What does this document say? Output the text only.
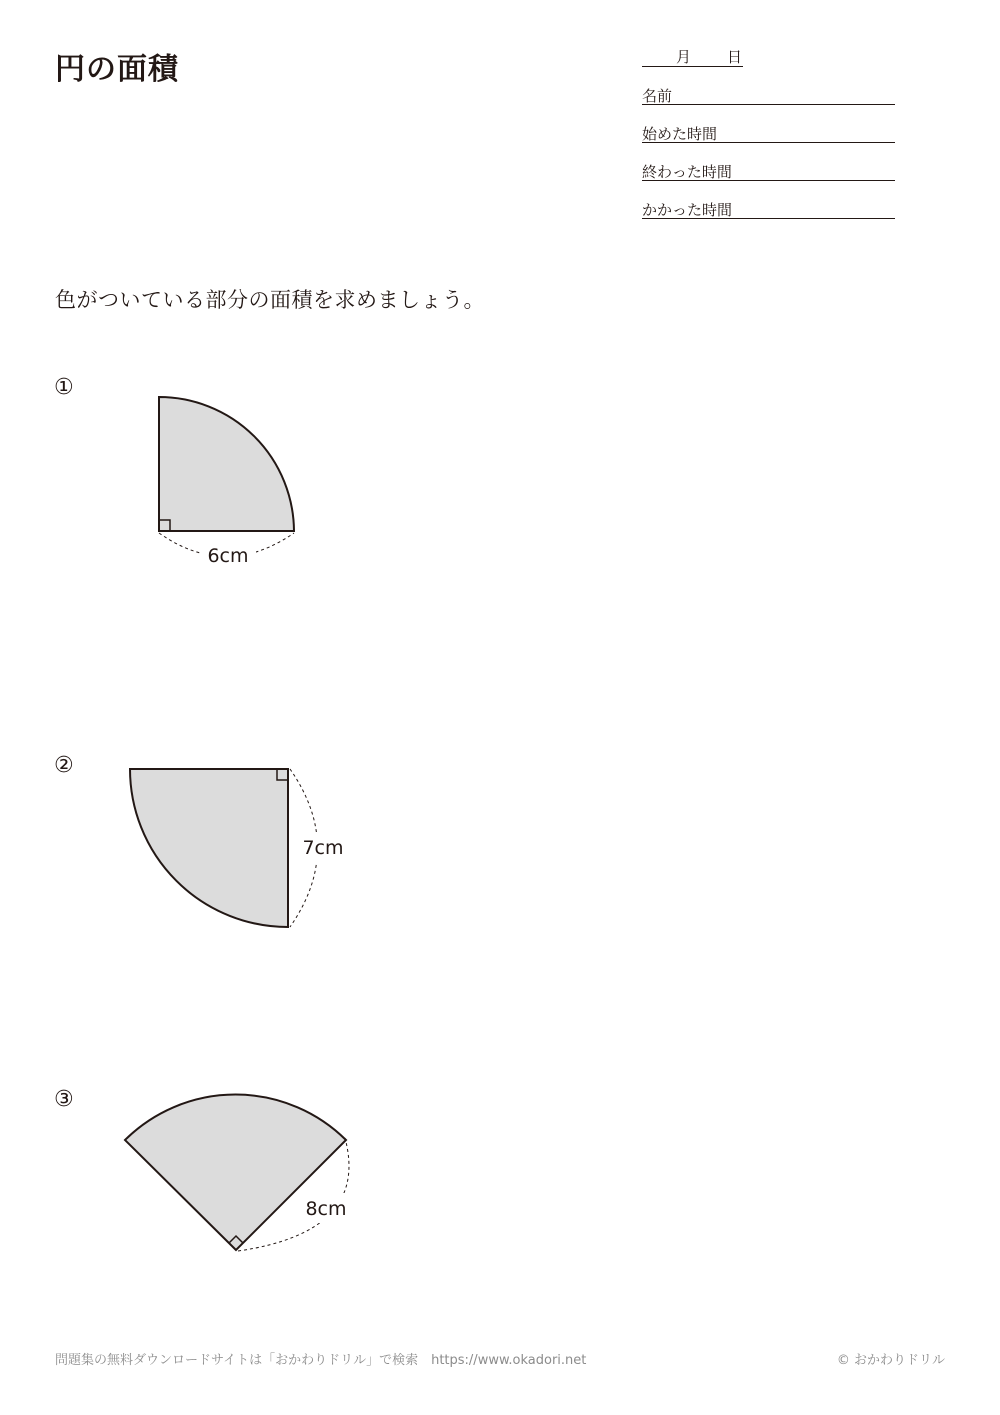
円の面積	月 日
名前
始めた時間
終わった時間
かかった時間
色がついている部分の面積を求めましょう。
①
②
③
6cm
7cm
8cm
問題集の無料ダウンロードサイトは「おかわりドリル」で検索　https://www.okadori.net	© おかわりドリル
